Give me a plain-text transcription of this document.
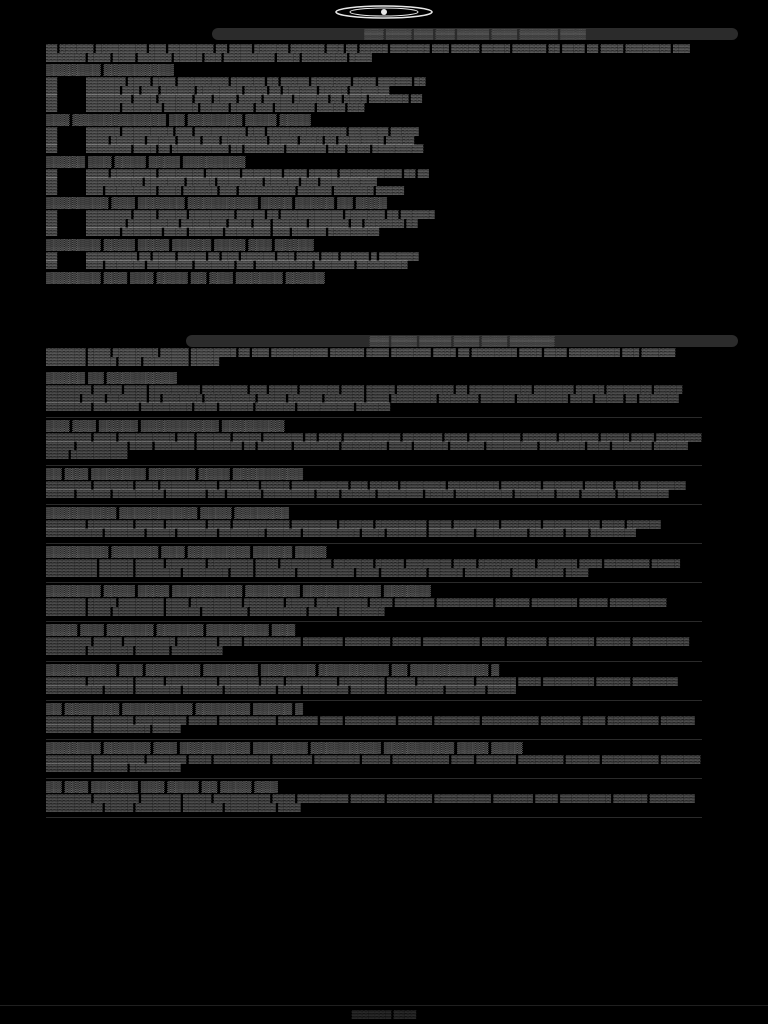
▒▒▒ ▒▒▒▒ ▒▒▒ ▒▒▒ ▒▒▒▒▒ ▒▒▒▒ ▒▒▒▒▒▒ ▒▒▒▒

▒▒ ▒▒▒▒▒▒ ▒▒▒▒▒▒▒▒▒ ▒▒▒ ▒▒▒▒▒▒▒▒ ▒▒ ▒▒▒▒ ▒▒▒▒▒▒ ▒▒▒▒▒▒ ▒▒▒ ▒▒ ▒▒▒▒▒ ▒▒▒▒▒▒▒ ▒▒▒ ▒▒▒▒▒ ▒▒▒▒▒ ▒▒▒▒▒▒ ▒▒ ▒▒▒▒ ▒▒ ▒▒▒▒ ▒▒▒▒▒▒▒▒ ▒▒▒ ▒▒▒▒▒▒▒ ▒▒▒▒ ▒▒▒▒ ▒▒▒▒▒▒ ▒▒▒▒▒ ▒▒▒ ▒▒▒▒▒▒▒▒▒ ▒▒▒▒ ▒▒▒▒▒▒▒▒ ▒▒▒▒

▒▒▒▒▒▒▒ ▒▒▒▒▒▒▒▒▒

▒▒	▒▒▒▒▒▒▒ ▒▒▒▒ ▒▒▒▒ ▒▒▒▒▒▒▒▒▒ ▒▒▒▒▒▒ ▒▒ ▒▒▒▒▒ ▒▒▒▒▒▒▒ ▒▒▒▒ ▒▒▒▒▒▒ ▒▒

▒▒	▒▒▒▒▒▒ ▒▒▒ ▒▒▒ ▒▒▒▒▒▒ ▒▒▒▒▒▒▒▒ ▒▒▒▒ ▒▒ ▒▒▒▒▒▒ ▒▒▒▒▒ ▒▒▒▒▒▒▒

▒▒	▒▒▒▒▒▒▒▒ ▒▒▒▒ ▒▒▒▒▒▒ ▒▒▒ ▒▒▒▒ ▒▒▒▒ ▒▒▒▒▒ ▒▒▒▒▒▒ ▒▒ ▒▒▒▒ ▒▒▒▒▒▒▒ ▒▒

▒▒	▒▒▒▒▒▒ ▒▒▒▒▒▒▒ ▒▒▒▒▒▒ ▒▒▒▒▒ ▒▒▒▒ ▒▒▒ ▒▒▒▒▒▒▒ ▒▒▒▒▒ ▒▒▒

▒▒▒ ▒▒▒▒▒▒▒▒▒▒▒▒ ▒▒ ▒▒▒▒▒▒▒ ▒▒▒▒ ▒▒▒▒

▒▒	▒▒▒▒▒▒ ▒▒▒▒▒▒▒▒▒ ▒▒▒ ▒▒▒▒▒▒▒▒▒ ▒▒▒ ▒▒▒▒▒▒▒▒▒▒▒▒▒▒ ▒▒▒▒▒▒▒ ▒▒▒▒▒

▒▒	▒▒▒▒ ▒▒▒▒▒▒ ▒▒▒▒▒ ▒▒▒▒ ▒▒▒ ▒▒▒▒▒▒▒▒ ▒▒▒▒▒ ▒▒▒▒ ▒▒ ▒▒▒▒▒▒▒▒ ▒▒▒▒▒

▒▒	▒▒▒▒▒▒▒▒ ▒▒▒▒ ▒▒ ▒▒▒▒▒▒▒▒▒▒ ▒▒ ▒▒▒▒▒▒▒ ▒▒▒▒▒▒▒ ▒▒▒ ▒▒▒▒ ▒▒▒▒▒▒▒▒▒

▒▒▒▒▒ ▒▒▒ ▒▒▒▒ ▒▒▒▒ ▒▒▒▒▒▒▒▒

▒▒	▒▒▒▒ ▒▒▒▒▒▒▒▒ ▒▒▒▒▒▒▒▒ ▒▒▒▒▒▒ ▒▒▒▒▒▒▒ ▒▒▒▒ ▒▒▒▒▒ ▒▒▒▒▒▒▒▒▒▒▒ ▒▒ ▒▒

▒▒	▒▒▒▒▒▒▒▒▒▒ ▒▒▒▒▒▒▒ ▒▒▒▒▒ ▒▒▒▒▒▒▒▒ ▒▒▒▒▒▒ ▒▒▒ ▒▒▒▒▒▒▒▒▒▒

▒▒	▒▒▒ ▒▒▒▒▒▒▒▒▒ ▒▒▒▒ ▒▒▒▒▒▒ ▒▒▒ ▒▒▒▒▒▒▒▒▒▒ ▒▒▒▒▒▒ ▒▒▒▒▒▒▒ ▒▒▒▒▒

▒▒▒▒▒▒▒▒ ▒▒▒ ▒▒▒▒▒▒ ▒▒▒▒▒▒▒▒▒ ▒▒▒▒ ▒▒▒▒▒ ▒▒ ▒▒▒▒

▒▒	▒▒▒▒▒▒▒▒ ▒▒▒▒ ▒▒▒▒▒ ▒▒▒▒▒▒▒▒ ▒▒▒▒▒ ▒▒ ▒▒▒▒▒▒▒▒▒▒▒ ▒▒▒▒▒▒▒ ▒▒ ▒▒▒▒▒▒

▒▒	▒▒▒▒▒▒▒ ▒▒▒▒▒▒▒▒▒ ▒▒▒▒▒▒▒▒ ▒▒▒▒ ▒▒▒ ▒▒▒▒▒▒ ▒▒▒▒▒▒▒ ▒▒ ▒▒▒▒▒▒▒ ▒▒

▒▒	▒▒▒▒▒▒ ▒▒▒▒▒▒▒ ▒▒▒▒ ▒▒▒▒▒▒ ▒▒▒▒▒▒▒▒ ▒▒▒ ▒▒▒▒▒▒ ▒▒▒▒▒▒▒▒▒

▒▒▒▒▒▒▒ ▒▒▒▒ ▒▒▒▒ ▒▒▒▒▒ ▒▒▒▒ ▒▒▒ ▒▒▒▒▒

▒▒	▒▒▒▒▒▒▒▒▒ ▒▒ ▒▒▒▒ ▒▒▒▒▒ ▒▒ ▒▒▒ ▒▒▒▒▒▒ ▒▒▒ ▒▒▒▒ ▒▒▒ ▒▒▒▒▒ ▒ ▒▒▒▒▒▒▒

▒▒	▒▒▒ ▒▒▒▒▒▒▒ ▒▒▒▒▒▒▒▒ ▒▒▒▒▒▒▒ ▒▒▒ ▒▒▒▒▒▒▒▒▒▒ ▒▒▒▒▒▒▒ ▒▒▒▒▒▒▒▒▒

▒▒▒▒▒▒▒ ▒▒▒ ▒▒▒ ▒▒▒▒ ▒▒ ▒▒▒ ▒▒▒▒▒▒ ▒▒▒▒▒
▒▒▒ ▒▒▒▒ ▒▒▒▒▒ ▒▒▒▒ ▒▒▒▒ ▒▒▒▒▒▒▒

▒▒▒▒▒▒▒ ▒▒▒▒ ▒▒▒▒▒▒▒▒ ▒▒▒▒▒ ▒▒▒▒▒▒▒▒ ▒▒ ▒▒▒ ▒▒▒▒▒▒▒▒▒▒ ▒▒▒▒▒▒ ▒▒▒▒ ▒▒▒▒▒▒▒ ▒▒▒▒ ▒▒ ▒▒▒▒▒▒▒▒ ▒▒▒▒ ▒▒▒▒ ▒▒▒▒▒▒▒▒▒ ▒▒▒ ▒▒▒▒▒▒ ▒▒▒▒▒▒▒ ▒▒▒▒▒ ▒▒▒▒ ▒▒▒▒▒▒▒▒ ▒▒▒▒▒

▒▒▒▒▒ ▒▒ ▒▒▒▒▒▒▒▒▒

▒▒▒▒▒▒▒▒ ▒▒▒▒▒ ▒▒▒▒ ▒▒▒▒▒▒▒▒▒ ▒▒▒▒▒▒▒▒ ▒▒▒ ▒▒▒▒▒ ▒▒▒▒▒▒▒ ▒▒▒▒ ▒▒▒▒▒ ▒▒▒▒▒▒▒▒▒▒ ▒▒ ▒▒▒▒▒▒▒▒▒▒▒ ▒▒▒▒▒▒▒ ▒▒▒▒▒ ▒▒▒▒▒▒▒▒ ▒▒▒▒▒ ▒▒▒▒▒▒ ▒▒▒▒ ▒▒▒▒▒▒▒ ▒▒ ▒▒▒▒▒▒▒ ▒▒▒▒▒▒▒▒▒ ▒▒▒▒▒ ▒▒▒▒▒▒ ▒▒▒▒▒▒▒ ▒▒▒▒ ▒▒▒▒▒▒▒▒ ▒▒▒▒▒▒▒ ▒▒▒▒▒▒ ▒▒▒▒▒▒▒▒▒ ▒▒▒▒ ▒▒▒▒▒ ▒▒ ▒▒▒▒▒▒▒ ▒▒▒▒▒▒▒▒ ▒▒▒▒▒▒▒▒ ▒▒▒▒▒▒▒▒▒ ▒▒▒▒ ▒▒▒▒▒▒ ▒▒▒▒▒▒▒ ▒▒▒▒▒▒▒▒▒▒ ▒▒▒▒▒▒

▒▒▒ ▒▒▒ ▒▒▒▒▒ ▒▒▒▒▒▒▒▒▒▒ ▒▒▒▒▒▒▒▒

▒▒▒▒▒▒▒▒ ▒▒▒▒ ▒▒▒▒▒▒▒▒▒▒ ▒▒▒ ▒▒▒▒▒▒ ▒▒▒▒▒ ▒▒▒▒▒▒▒ ▒▒ ▒▒▒▒ ▒▒▒▒▒▒▒▒▒▒ ▒▒▒▒▒▒▒ ▒▒▒▒ ▒▒▒▒▒▒▒▒▒ ▒▒▒▒▒▒ ▒▒▒▒▒▒▒ ▒▒▒▒▒ ▒▒▒▒ ▒▒▒▒▒▒▒▒ ▒▒▒▒▒ ▒▒▒▒▒▒▒▒▒ ▒▒▒▒ ▒▒▒▒▒▒▒ ▒▒▒▒▒▒▒▒ ▒▒ ▒▒▒▒▒▒ ▒▒▒▒▒▒▒▒ ▒▒▒▒▒▒▒▒ ▒▒▒▒ ▒▒▒▒▒▒ ▒▒▒▒▒▒ ▒▒▒▒▒▒▒▒▒ ▒▒▒▒▒▒▒▒ ▒▒▒▒ ▒▒▒▒▒▒▒ ▒▒▒▒▒▒ ▒▒▒▒ ▒▒▒▒▒▒▒▒▒▒

▒▒ ▒▒▒ ▒▒▒▒▒▒▒ ▒▒▒▒▒▒ ▒▒▒▒ ▒▒▒▒▒▒▒▒▒

▒▒▒▒▒▒▒▒ ▒▒▒▒▒▒▒ ▒▒▒▒ ▒▒▒▒▒▒▒▒▒▒ ▒▒▒▒▒▒▒ ▒▒▒▒▒ ▒▒▒▒▒▒▒▒▒▒ ▒▒▒ ▒▒▒▒▒ ▒▒▒▒▒▒▒▒ ▒▒▒▒▒▒▒▒▒ ▒▒▒▒▒▒▒ ▒▒▒▒▒▒▒ ▒▒▒▒▒ ▒▒▒▒ ▒▒▒▒▒▒▒▒ ▒▒▒▒▒ ▒▒▒▒▒▒ ▒▒▒▒▒▒▒▒▒ ▒▒▒▒▒▒▒ ▒▒▒ ▒▒▒▒▒▒ ▒▒▒▒▒▒▒▒▒ ▒▒▒▒ ▒▒▒▒▒▒ ▒▒▒▒▒▒▒▒ ▒▒▒▒▒ ▒▒▒▒▒▒▒▒▒▒ ▒▒▒▒▒▒▒ ▒▒▒▒ ▒▒▒▒▒▒ ▒▒▒▒▒▒▒▒▒

▒▒▒▒▒▒▒▒▒ ▒▒▒▒▒▒▒▒▒▒ ▒▒▒▒ ▒▒▒▒▒▒▒

▒▒▒▒▒▒▒ ▒▒▒▒▒▒▒▒ ▒▒▒▒▒ ▒▒▒▒▒▒▒ ▒▒▒▒ ▒▒▒▒▒▒▒▒▒▒ ▒▒▒▒▒▒▒▒ ▒▒▒▒▒▒ ▒▒▒▒▒▒▒▒▒ ▒▒▒▒ ▒▒▒▒▒▒▒▒ ▒▒▒▒▒▒▒ ▒▒▒▒▒▒▒▒▒▒ ▒▒▒▒ ▒▒▒▒▒▒ ▒▒▒▒▒▒▒▒▒▒ ▒▒▒▒▒▒▒ ▒▒▒▒▒ ▒▒▒▒▒▒▒ ▒▒▒▒▒▒▒▒ ▒▒▒▒▒▒ ▒▒▒▒▒▒▒▒▒▒ ▒▒▒▒ ▒▒▒▒▒▒▒ ▒▒▒▒▒▒▒▒ ▒▒▒▒▒▒▒▒▒ ▒▒▒▒▒▒ ▒▒▒▒ ▒▒▒▒▒▒▒▒

▒▒▒▒▒▒▒▒ ▒▒▒▒▒▒ ▒▒▒ ▒▒▒▒▒▒▒▒ ▒▒▒▒▒ ▒▒▒▒

▒▒▒▒▒▒▒▒▒ ▒▒▒▒▒▒ ▒▒▒▒▒ ▒▒▒▒▒▒▒ ▒▒▒▒▒▒▒▒ ▒▒▒▒ ▒▒▒▒▒▒▒▒▒ ▒▒▒▒▒▒▒ ▒▒▒▒▒ ▒▒▒▒▒▒▒▒ ▒▒▒▒ ▒▒▒▒▒▒▒▒▒▒ ▒▒▒▒▒▒▒ ▒▒▒▒ ▒▒▒▒▒▒▒▒ ▒▒▒▒▒ ▒▒▒▒▒▒▒▒▒ ▒▒▒▒▒▒ ▒▒▒▒▒▒▒▒ ▒▒▒▒▒▒▒▒ ▒▒▒▒ ▒▒▒▒▒▒▒ ▒▒▒▒▒▒▒▒▒▒ ▒▒▒▒ ▒▒▒▒▒▒▒▒ ▒▒▒▒▒▒ ▒▒▒▒▒▒▒▒ ▒▒▒▒▒▒▒▒▒ ▒▒▒▒

▒▒▒▒▒▒▒ ▒▒▒▒ ▒▒▒▒ ▒▒▒▒▒▒▒▒▒ ▒▒▒▒▒▒▒ ▒▒▒▒▒▒▒▒▒▒ ▒▒▒▒▒▒

▒▒▒▒▒▒▒ ▒▒▒▒▒ ▒▒▒▒▒▒▒▒ ▒▒▒▒ ▒▒▒▒▒▒▒▒▒ ▒▒▒▒▒▒▒ ▒▒▒▒▒ ▒▒▒▒▒▒▒▒▒ ▒▒▒▒ ▒▒▒▒▒▒▒ ▒▒▒▒▒▒▒▒▒▒ ▒▒▒▒▒▒ ▒▒▒▒▒▒▒▒ ▒▒▒▒▒ ▒▒▒▒▒▒▒▒▒▒ ▒▒▒▒▒▒▒ ▒▒▒▒ ▒▒▒▒▒▒▒▒▒ ▒▒▒▒▒▒ ▒▒▒▒▒▒▒▒ ▒▒▒▒▒▒▒▒▒▒ ▒▒▒▒▒ ▒▒▒▒▒▒▒▒

▒▒▒▒ ▒▒▒ ▒▒▒▒▒▒ ▒▒▒▒▒▒ ▒▒▒▒▒▒▒▒ ▒▒▒

▒▒▒▒▒▒▒▒ ▒▒▒▒▒ ▒▒▒▒▒▒▒▒▒ ▒▒▒▒▒▒▒ ▒▒▒▒ ▒▒▒▒▒▒▒▒▒▒ ▒▒▒▒▒▒▒ ▒▒▒▒▒▒▒▒ ▒▒▒▒▒ ▒▒▒▒▒▒▒▒▒▒ ▒▒▒▒ ▒▒▒▒▒▒▒ ▒▒▒▒▒▒▒▒ ▒▒▒▒▒▒ ▒▒▒▒▒▒▒▒▒▒ ▒▒▒▒▒▒▒ ▒▒▒▒▒▒▒▒ ▒▒▒▒▒▒ ▒▒▒▒▒▒▒▒▒

▒▒▒▒▒▒▒▒▒ ▒▒▒ ▒▒▒▒▒▒▒ ▒▒▒▒▒▒▒ ▒▒▒▒▒▒▒ ▒▒▒▒▒▒▒▒▒ ▒▒ ▒▒▒▒▒▒▒▒▒▒ ▒

▒▒▒▒▒▒▒ ▒▒▒▒▒▒▒▒ ▒▒▒▒▒ ▒▒▒▒▒▒▒▒▒ ▒▒▒▒▒▒▒ ▒▒▒▒ ▒▒▒▒▒▒▒▒▒ ▒▒▒▒▒▒▒▒ ▒▒▒▒▒ ▒▒▒▒▒▒▒▒▒▒ ▒▒▒▒▒▒▒ ▒▒▒▒ ▒▒▒▒▒▒▒▒▒ ▒▒▒▒▒▒ ▒▒▒▒▒▒▒▒ ▒▒▒▒▒▒▒▒▒▒ ▒▒▒▒▒ ▒▒▒▒▒▒▒▒ ▒▒▒▒▒▒▒ ▒▒▒▒▒▒▒▒▒ ▒▒▒▒ ▒▒▒▒▒▒▒▒ ▒▒▒▒▒▒ ▒▒▒▒▒▒▒▒▒▒ ▒▒▒▒▒▒▒ ▒▒▒▒▒

▒▒ ▒▒▒▒▒▒▒ ▒▒▒▒▒▒▒▒▒ ▒▒▒▒▒▒▒ ▒▒▒▒▒ ▒

▒▒▒▒▒▒▒▒ ▒▒▒▒▒▒▒ ▒▒▒▒▒▒▒▒▒ ▒▒▒▒▒ ▒▒▒▒▒▒▒▒▒▒ ▒▒▒▒▒▒▒ ▒▒▒▒ ▒▒▒▒▒▒▒▒▒ ▒▒▒▒▒▒ ▒▒▒▒▒▒▒▒ ▒▒▒▒▒▒▒▒▒▒ ▒▒▒▒▒▒▒ ▒▒▒▒ ▒▒▒▒▒▒▒▒▒ ▒▒▒▒▒▒ ▒▒▒▒▒▒▒▒ ▒▒▒▒▒▒▒▒▒▒ ▒▒▒▒▒

▒▒▒▒▒▒▒ ▒▒▒▒▒▒ ▒▒▒ ▒▒▒▒▒▒▒▒▒ ▒▒▒▒▒▒▒ ▒▒▒▒▒▒▒▒▒ ▒▒▒▒▒▒▒▒▒ ▒▒▒▒ ▒▒▒▒

▒▒▒▒▒▒▒▒ ▒▒▒▒▒▒▒▒▒ ▒▒▒▒▒▒▒ ▒▒▒▒ ▒▒▒▒▒▒▒▒▒▒ ▒▒▒▒▒▒▒ ▒▒▒▒▒▒▒▒ ▒▒▒▒▒ ▒▒▒▒▒▒▒▒▒▒ ▒▒▒▒ ▒▒▒▒▒▒▒ ▒▒▒▒▒▒▒▒ ▒▒▒▒▒▒ ▒▒▒▒▒▒▒▒▒▒ ▒▒▒▒▒▒▒ ▒▒▒▒▒▒▒▒ ▒▒▒▒▒▒ ▒▒▒▒▒▒▒▒▒

▒▒ ▒▒▒ ▒▒▒▒▒▒ ▒▒▒ ▒▒▒▒ ▒▒ ▒▒▒▒ ▒▒▒

▒▒▒▒▒▒▒▒ ▒▒▒▒▒▒▒▒ ▒▒▒▒▒▒▒ ▒▒▒▒▒ ▒▒▒▒▒▒▒▒▒▒ ▒▒▒▒ ▒▒▒▒▒▒▒▒▒ ▒▒▒▒▒▒ ▒▒▒▒▒▒▒▒ ▒▒▒▒▒▒▒▒▒▒ ▒▒▒▒▒▒▒ ▒▒▒▒ ▒▒▒▒▒▒▒▒▒ ▒▒▒▒▒▒ ▒▒▒▒▒▒▒▒ ▒▒▒▒▒▒▒▒▒▒ ▒▒▒▒▒ ▒▒▒▒▒▒▒▒ ▒▒▒▒▒▒▒ ▒▒▒▒▒▒▒▒▒ ▒▒▒▒

▒▒▒▒▒▒▒ ▒▒▒▒
